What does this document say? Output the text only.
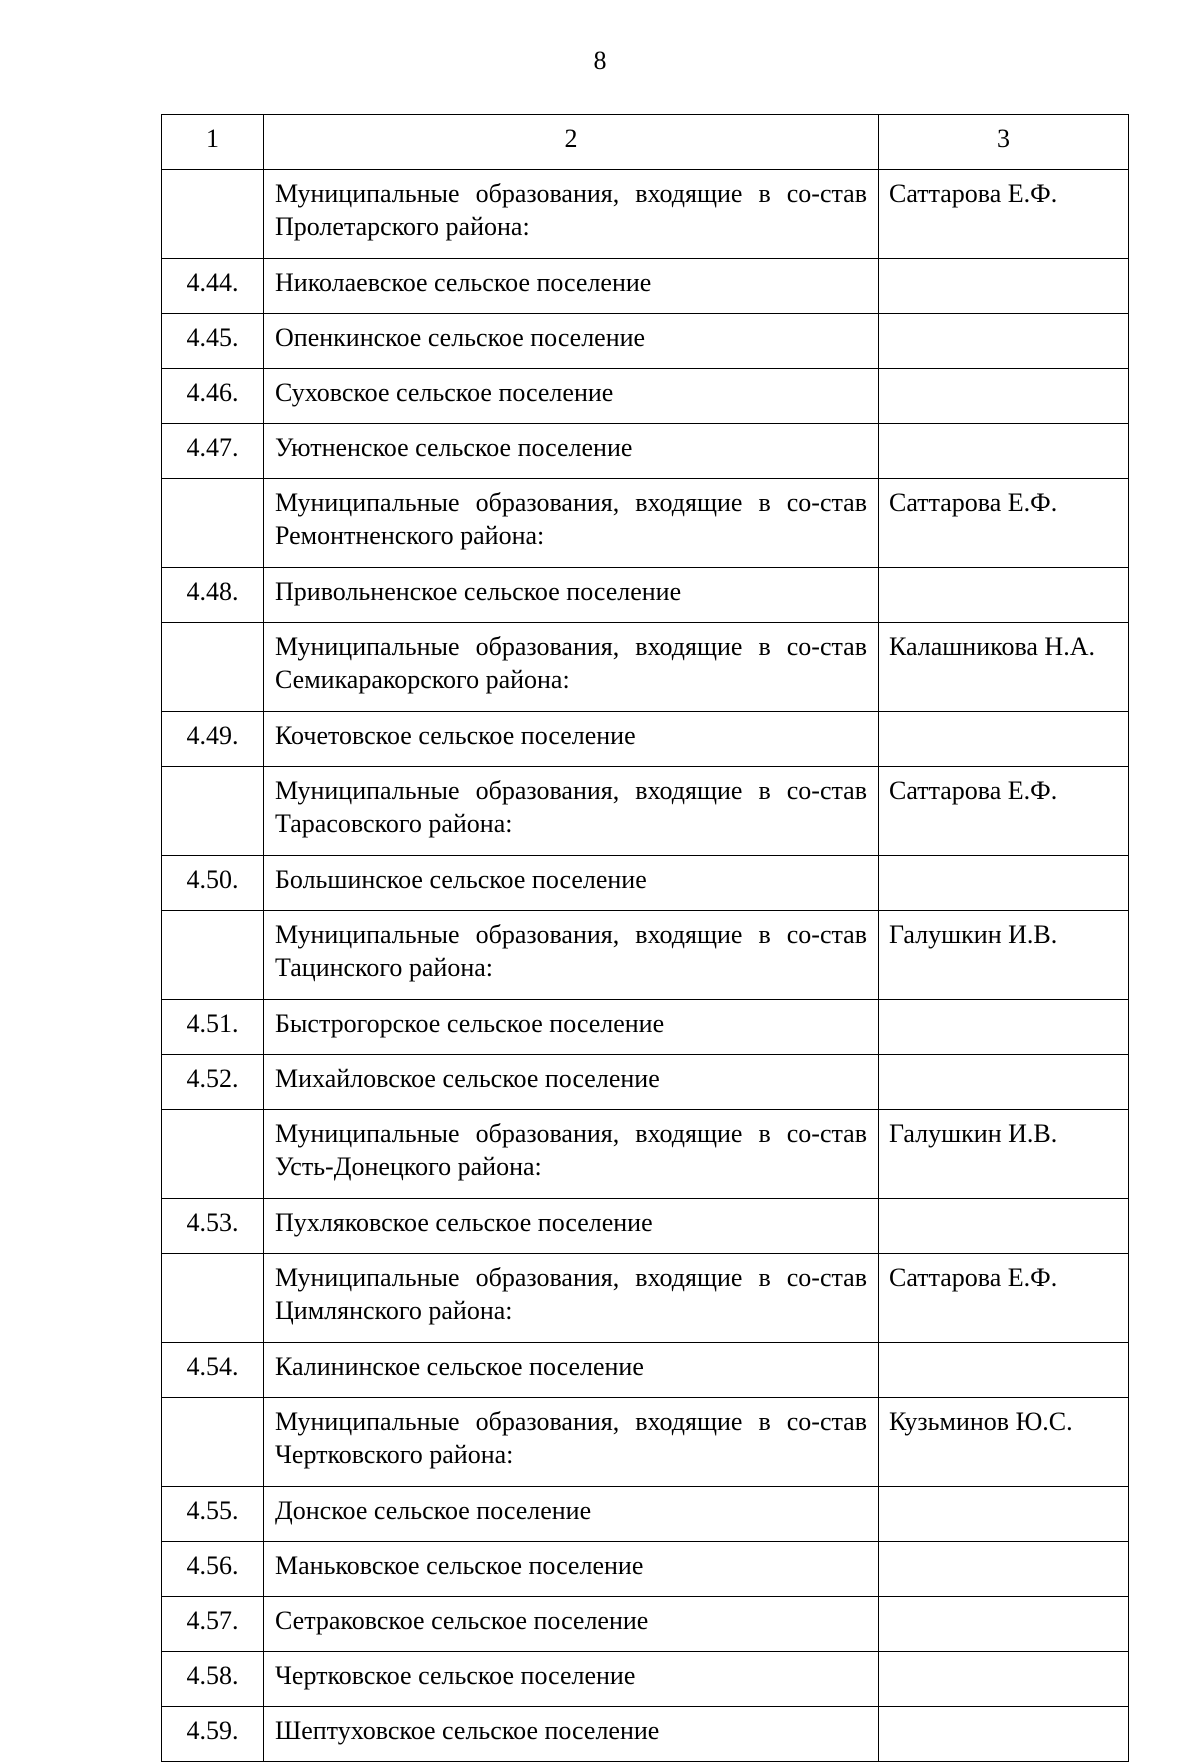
8
1	2	3
	Муниципальные образования, входящие в со-став Пролетарского района:	Саттарова Е.Ф.
4.44.	Николаевское сельское поселение	
4.45.	Опенкинское сельское поселение	
4.46.	Суховское сельское поселение	
4.47.	Уютненское сельское поселение	
	Муниципальные образования, входящие в со-став Ремонтненского района:	Саттарова Е.Ф.
4.48.	Привольненское сельское поселение	
	Муниципальные образования, входящие в со-став Семикаракорского района:	Калашникова Н.А.
4.49.	Кочетовское сельское поселение	
	Муниципальные образования, входящие в со-став Тарасовского района:	Саттарова Е.Ф.
4.50.	Большинское сельское поселение	
	Муниципальные образования, входящие в со-став Тацинского района:	Галушкин И.В.
4.51.	Быстрогорское сельское поселение	
4.52.	Михайловское сельское поселение	
	Муниципальные образования, входящие в со-став Усть-Донецкого района:	Галушкин И.В.
4.53.	Пухляковское сельское поселение	
	Муниципальные образования, входящие в со-став Цимлянского района:	Саттарова Е.Ф.
4.54.	Калининское сельское поселение	
	Муниципальные образования, входящие в со-став Чертковского района:	Кузьминов Ю.С.
4.55.	Донское сельское поселение	
4.56.	Маньковское сельское поселение	
4.57.	Сетраковское сельское поселение	
4.58.	Чертковское сельское поселение	
4.59.	Шептуховское сельское поселение	
